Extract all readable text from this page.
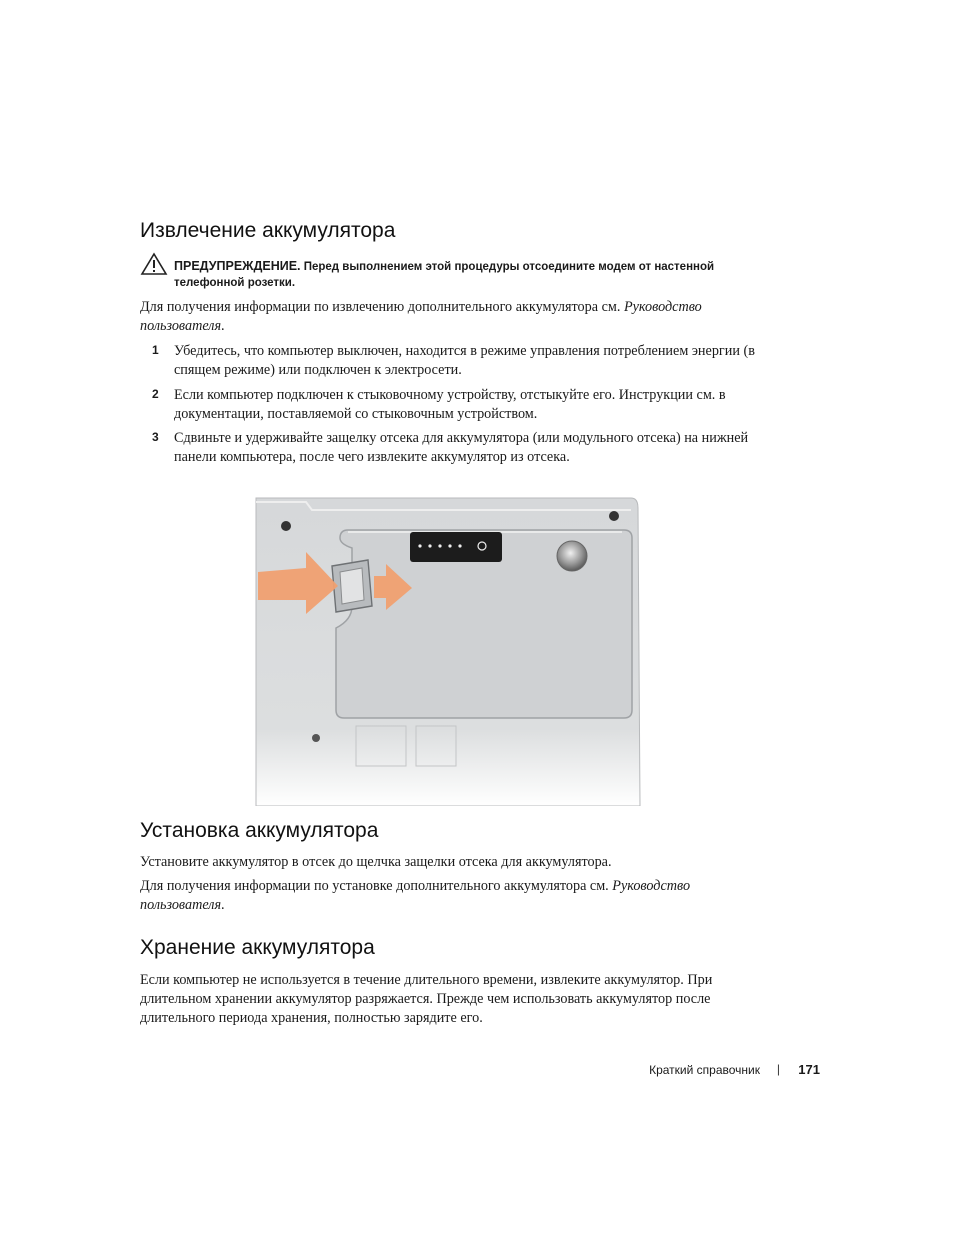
Извлечение аккумулятора
ПРЕДУПРЕЖДЕНИЕ. Перед выполнением этой процедуры отсоедините модем от настенной телефонной розетки.

Для получения информации по извлечению дополнительного аккумулятора см. Руководство пользователя.

1 Убедитесь, что компьютер выключен, находится в режиме управления потреблением энергии (в спящем режиме) или подключен к электросети.

2 Если компьютер подключен к стыковочному устройству, отстыкуйте его. Инструкции см. в документации, поставляемой со стыковочным устройством.

3 Сдвиньте и удерживайте защелку отсека для аккумулятора (или модульного отсека) на нижней панели компьютера, после чего извлеките аккумулятор из отсека.

Установка аккумулятора

Установите аккумулятор в отсек до щелчка защелки отсека для аккумулятора.

Для получения информации по установке дополнительного аккумулятора см. Руководство пользователя.

Хранение аккумулятора

Если компьютер не используется в течение длительного времени, извлеките аккумулятор. При длительном хранении аккумулятор разряжается. Прежде чем использовать аккумулятор после длительного периода хранения, полностью зарядите его.

Краткий справочник | 171
